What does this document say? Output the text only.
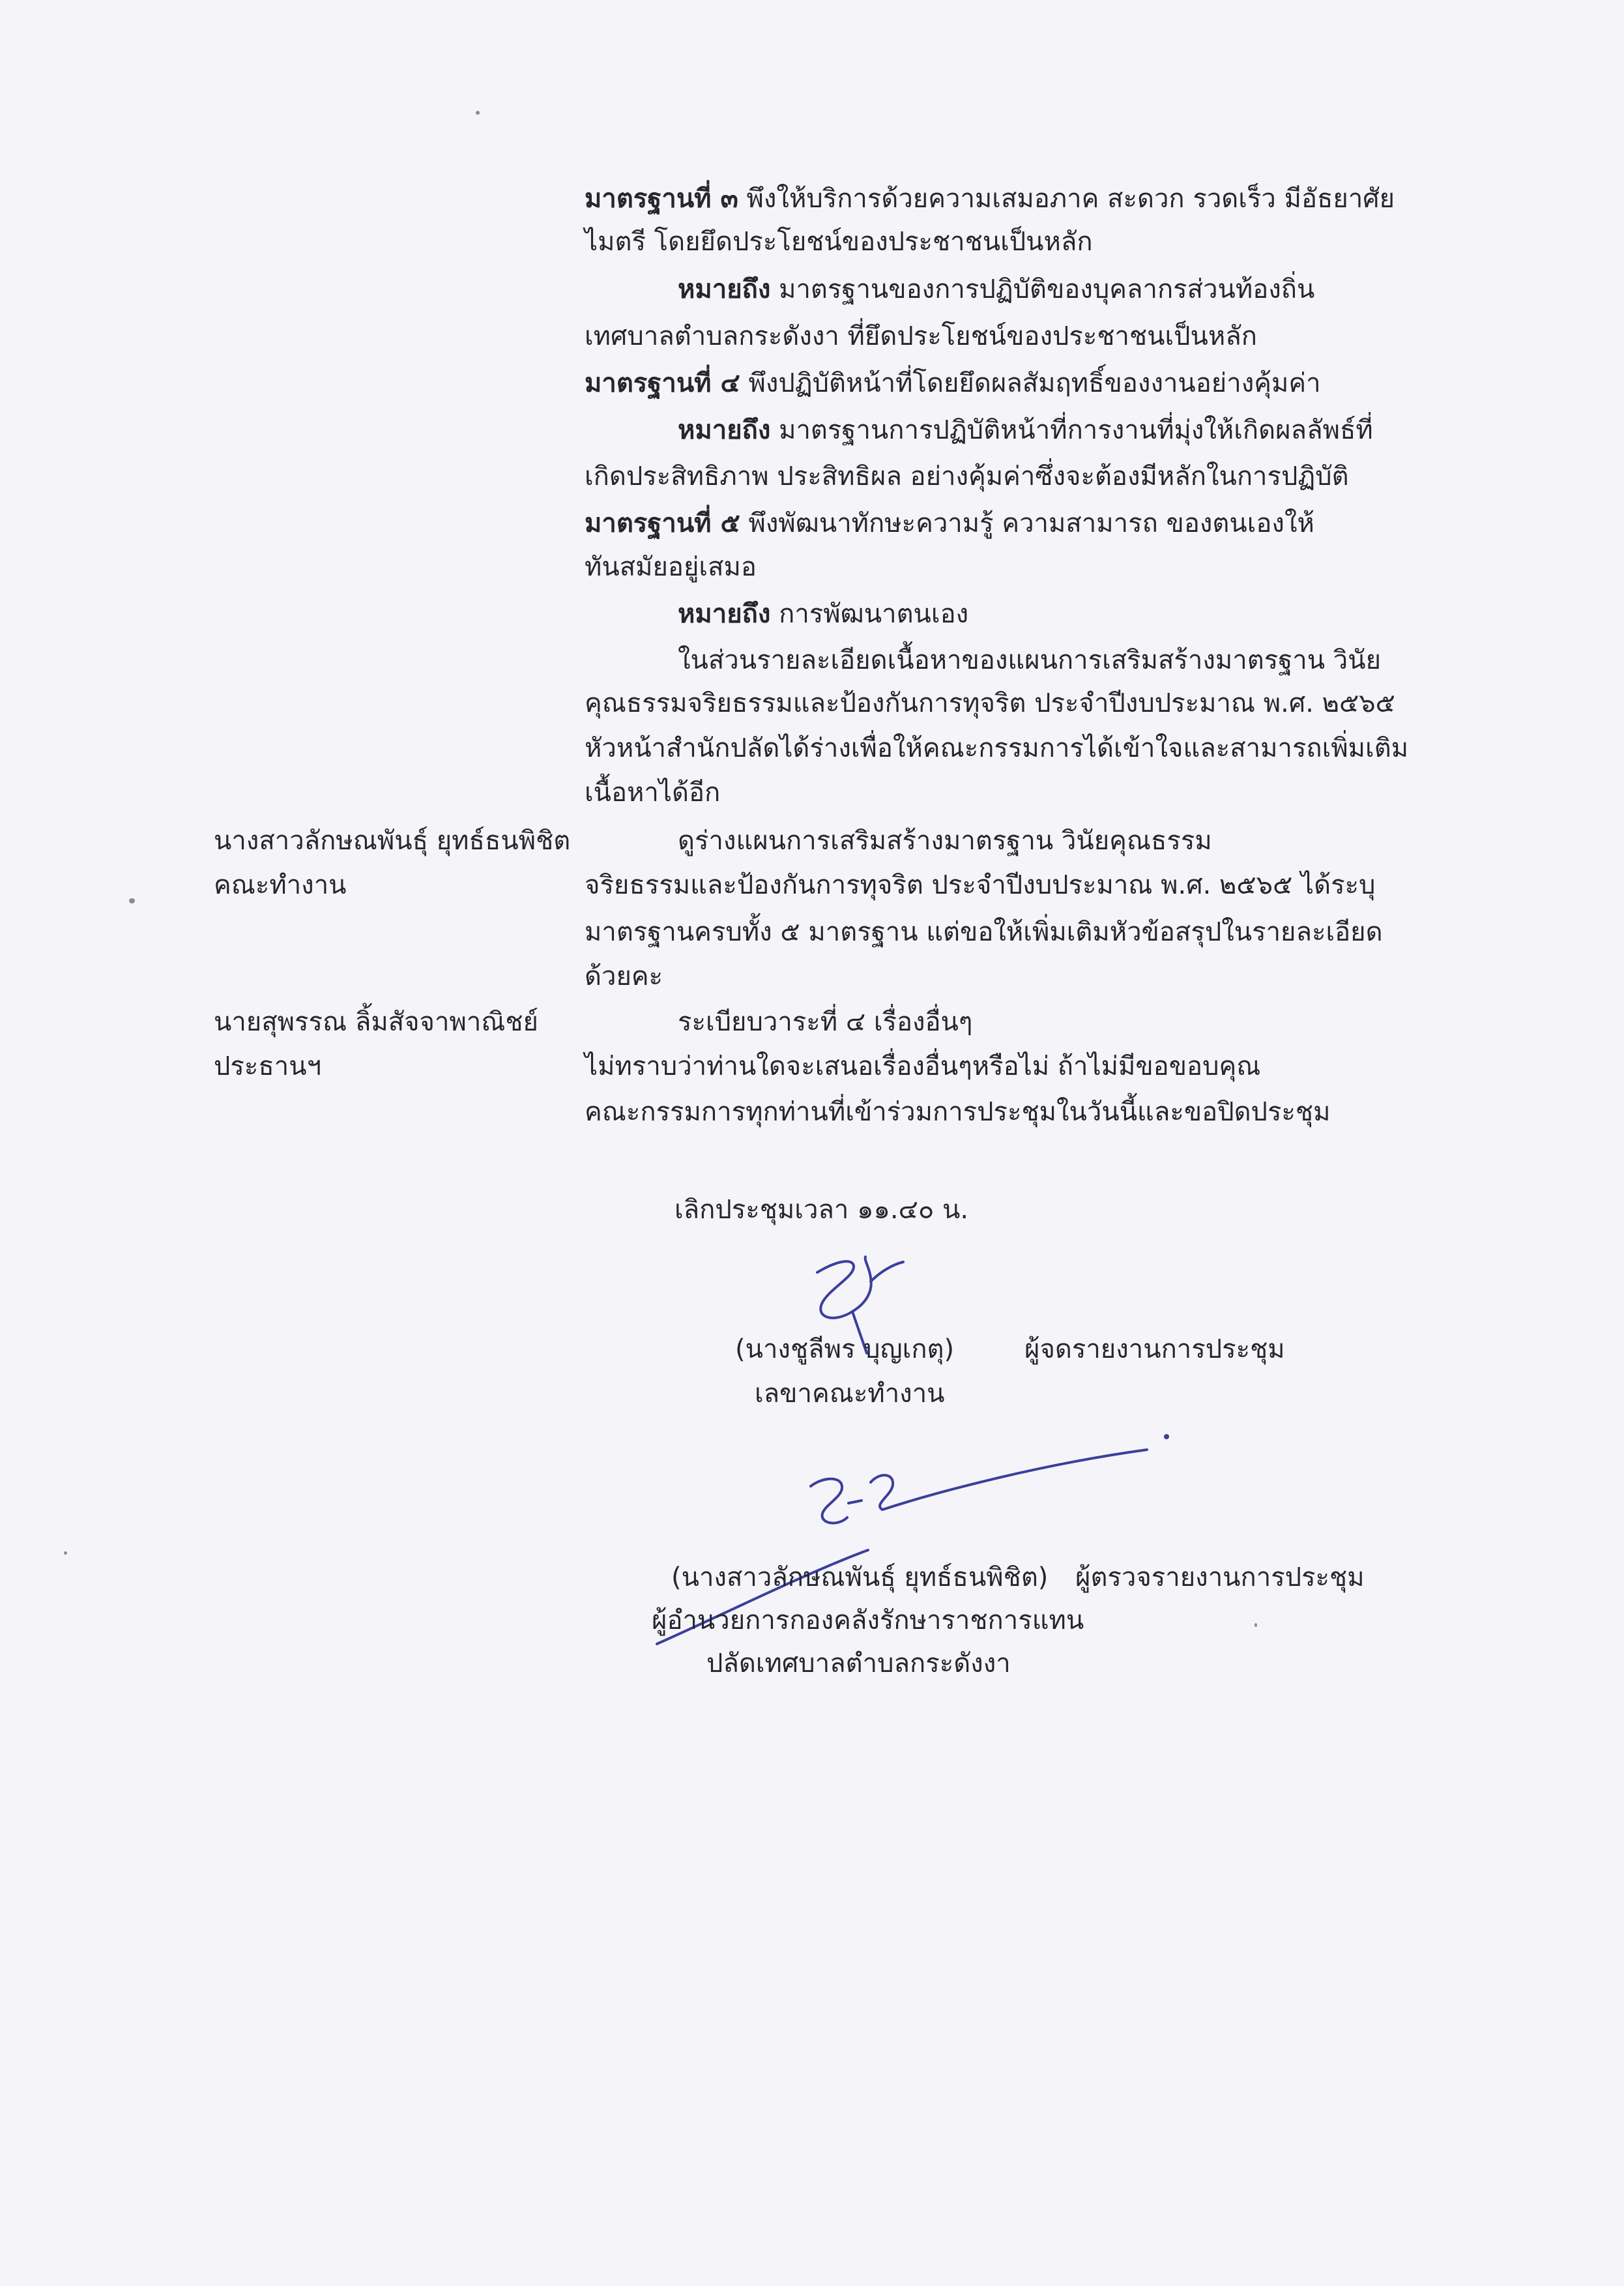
มาตรฐานที่ ๓ พึงให้บริการด้วยความเสมอภาค สะดวก รวดเร็ว มีอัธยาศัย
ไมตรี โดยยึดประโยชน์ของประชาชนเป็นหลัก
หมายถึง มาตรฐานของการปฏิบัติของบุคลากรส่วนท้องถิ่น
เทศบาลตำบลกระดังงา ที่ยึดประโยชน์ของประชาชนเป็นหลัก
มาตรฐานที่ ๔ พึงปฏิบัติหน้าที่โดยยึดผลสัมฤทธิ์ของงานอย่างคุ้มค่า
หมายถึง มาตรฐานการปฏิบัติหน้าที่การงานที่มุ่งให้เกิดผลลัพธ์ที่
เกิดประสิทธิภาพ ประสิทธิผล อย่างคุ้มค่าซึ่งจะต้องมีหลักในการปฏิบัติ
มาตรฐานที่ ๕ พึงพัฒนาทักษะความรู้ ความสามารถ ของตนเองให้
ทันสมัยอยู่เสมอ
หมายถึง การพัฒนาตนเอง
ในส่วนรายละเอียดเนื้อหาของแผนการเสริมสร้างมาตรฐาน วินัย
คุณธรรมจริยธรรมและป้องกันการทุจริต ประจำปีงบประมาณ พ.ศ. ๒๕๖๕
หัวหน้าสำนักปลัดได้ร่างเพื่อให้คณะกรรมการได้เข้าใจและสามารถเพิ่มเติม
เนื้อหาได้อีก
นางสาวลักษณพันธุ์ ยุทธ์ธนพิชิต
คณะทำงาน
ดูร่างแผนการเสริมสร้างมาตรฐาน วินัยคุณธรรม
จริยธรรมและป้องกันการทุจริต ประจำปีงบประมาณ พ.ศ. ๒๕๖๕ ได้ระบุ
มาตรฐานครบทั้ง ๕ มาตรฐาน แต่ขอให้เพิ่มเติมหัวข้อสรุปในรายละเอียด
ด้วยคะ
นายสุพรรณ ลิ้มสัจจาพาณิชย์
ประธานฯ
ระเบียบวาระที่ ๔ เรื่องอื่นๆ
ไม่ทราบว่าท่านใดจะเสนอเรื่องอื่นๆหรือไม่ ถ้าไม่มีขอขอบคุณ
คณะกรรมการทุกท่านที่เข้าร่วมการประชุมในวันนี้และขอปิดประชุม
เลิกประชุมเวลา ๑๑.๔๐ น.
(นางชูลีพร บุญเกตุ)	ผู้จดรายงานการประชุม
เลขาคณะทำงาน
(นางสาวลักษณพันธุ์ ยุทธ์ธนพิชิต) ผู้ตรวจรายงานการประชุม
ผู้อำนวยการกองคลังรักษาราชการแทน
ปลัดเทศบาลตำบลกระดังงา
